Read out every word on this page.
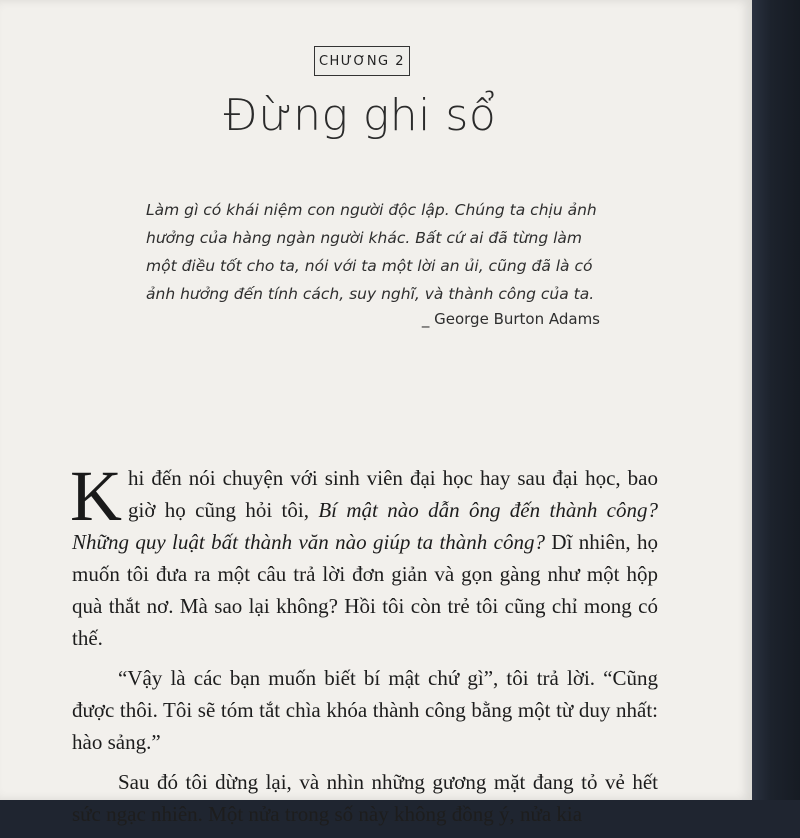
CHƯƠNG 2
Đừng ghi sổ
Làm gì có khái niệm con người độc lập. Chúng ta chịu ảnh hưởng của hàng ngàn người khác. Bất cứ ai đã từng làm một điều tốt cho ta, nói với ta một lời an ủi, cũng đã là có ảnh hưởng đến tính cách, suy nghĩ, và thành công của ta.
_ George Burton Adams

Khi đến nói chuyện với sinh viên đại học hay sau đại học, bao giờ họ cũng hỏi tôi, Bí mật nào dẫn ông đến thành công? Những quy luật bất thành văn nào giúp ta thành công? Dĩ nhiên, họ muốn tôi đưa ra một câu trả lời đơn giản và gọn gàng như một hộp quà thắt nơ. Mà sao lại không? Hồi tôi còn trẻ tôi cũng chỉ mong có thế.

“Vậy là các bạn muốn biết bí mật chứ gì”, tôi trả lời. “Cũng được thôi. Tôi sẽ tóm tắt chìa khóa thành công bằng một từ duy nhất: hào sảng.”

Sau đó tôi dừng lại, và nhìn những gương mặt đang tỏ vẻ hết sức ngạc nhiên. Một nửa trong số này không đồng ý, nửa kia
